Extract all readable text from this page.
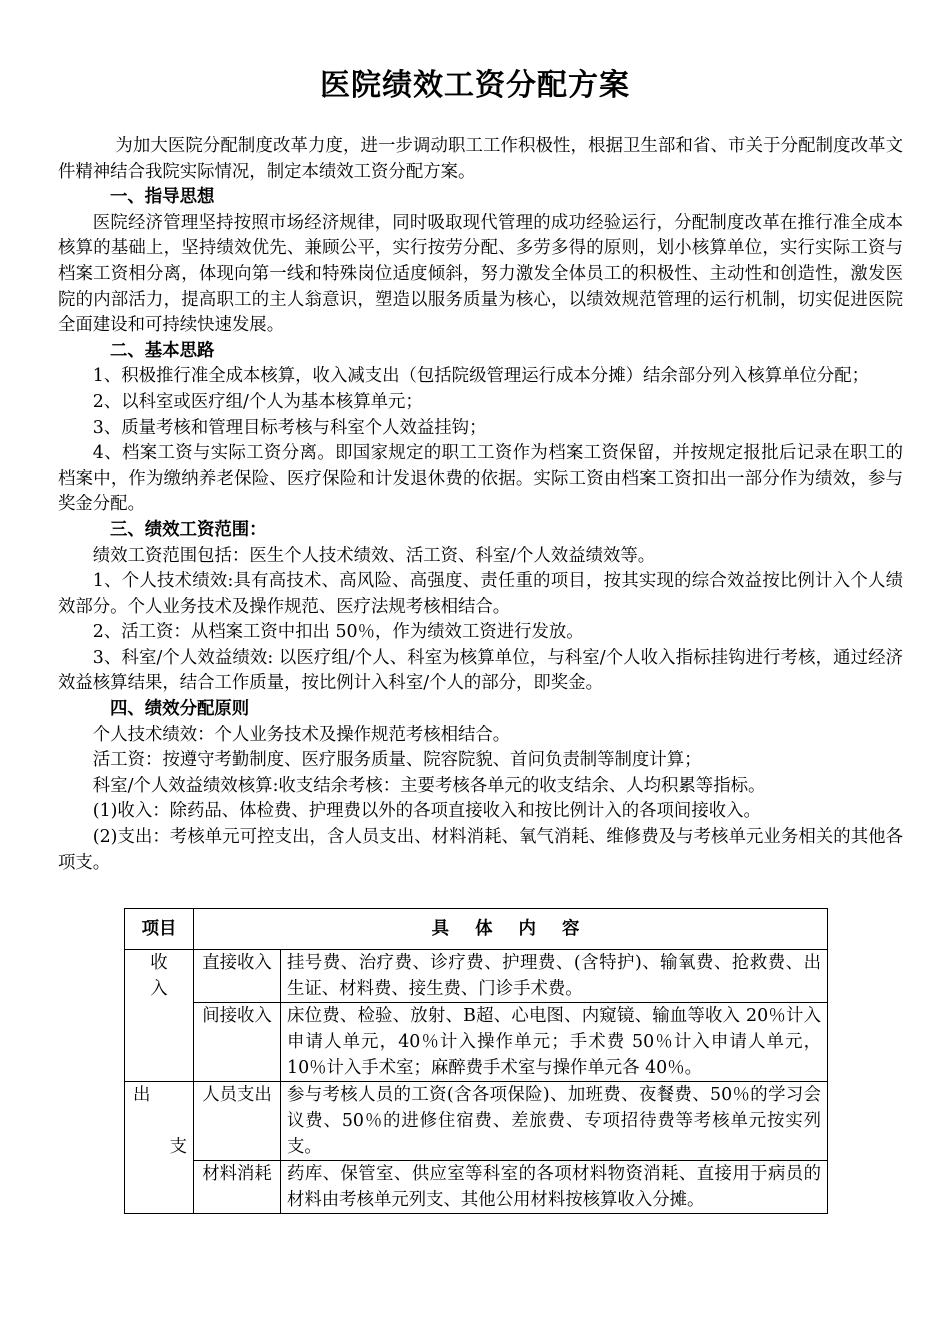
医院绩效工资分配方案

为加大医院分配制度改革力度，进一步调动职工工作积极性，根据卫生部和省、市关于分配制度改革文件精神结合我院实际情况，制定本绩效工资分配方案。

一、指导思想

医院经济管理坚持按照市场经济规律，同时吸取现代管理的成功经验运行，分配制度改革在推行准全成本核算的基础上，坚持绩效优先、兼顾公平，实行按劳分配、多劳多得的原则，划小核算单位，实行实际工资与档案工资相分离，体现向第一线和特殊岗位适度倾斜，努力激发全体员工的积极性、主动性和创造性，激发医院的内部活力，提高职工的主人翁意识，塑造以服务质量为核心，以绩效规范管理的运行机制，切实促进医院全面建设和可持续快速发展。

二、基本思路

1、积极推行准全成本核算，收入减支出（包括院级管理运行成本分摊）结余部分列入核算单位分配；

2、以科室或医疗组/个人为基本核算单元；

3、质量考核和管理目标考核与科室个人效益挂钩；

4、档案工资与实际工资分离。即国家规定的职工工资作为档案工资保留，并按规定报批后记录在职工的档案中，作为缴纳养老保险、医疗保险和计发退休费的依据。实际工资由档案工资扣出一部分作为绩效，参与奖金分配。

三、绩效工资范围：

绩效工资范围包括：医生个人技术绩效、活工资、科室/个人效益绩效等。

1、个人技术绩效:具有高技术、高风险、高强度、责任重的项目，按其实现的综合效益按比例计入个人绩效部分。个人业务技术及操作规范、医疗法规考核相结合。

2、活工资：从档案工资中扣出 50％，作为绩效工资进行发放。

3、科室/个人效益绩效: 以医疗组/个人、科室为核算单位，与科室/个人收入指标挂钩进行考核，通过经济效益核算结果，结合工作质量，按比例计入科室/个人的部分，即奖金。

四、绩效分配原则

个人技术绩效：个人业务技术及操作规范考核相结合。

活工资：按遵守考勤制度、医疗服务质量、院容院貌、首问负责制等制度计算；

科室/个人效益绩效核算:收支结余考核：主要考核各单元的收支结余、人均积累等指标。

(1)收入：除药品、体检费、护理费以外的各项直接收入和按比例计入的各项间接收入。

(2)支出：考核单元可控支出，含人员支出、材料消耗、氧气消耗、维修费及与考核单元业务相关的其他各项支。

项目	具 体 内 容	

收
入	直接收入	挂号费、治疗费、诊疗费、护理费、(含特护)、输氧费、抢救费、出生证、材料费、接生费、门诊手术费。
	间接收入	床位费、检验、放射、B超、心电图、内窥镜、输血等收入 20％计入申请人单元，40％计入操作单元；手术费 50％计入申请人单元，10％计入手术室；麻醉费手术室与操作单元各 40％。

出
支	人员支出	参与考核人员的工资(含各项保险)、加班费、夜餐费、50％的学习会议费、50％的进修住宿费、差旅费、专项招待费等考核单元按实列支。
	材料消耗	药库、保管室、供应室等科室的各项材料物资消耗、直接用于病员的材料由考核单元列支、其他公用材料按核算收入分摊。
